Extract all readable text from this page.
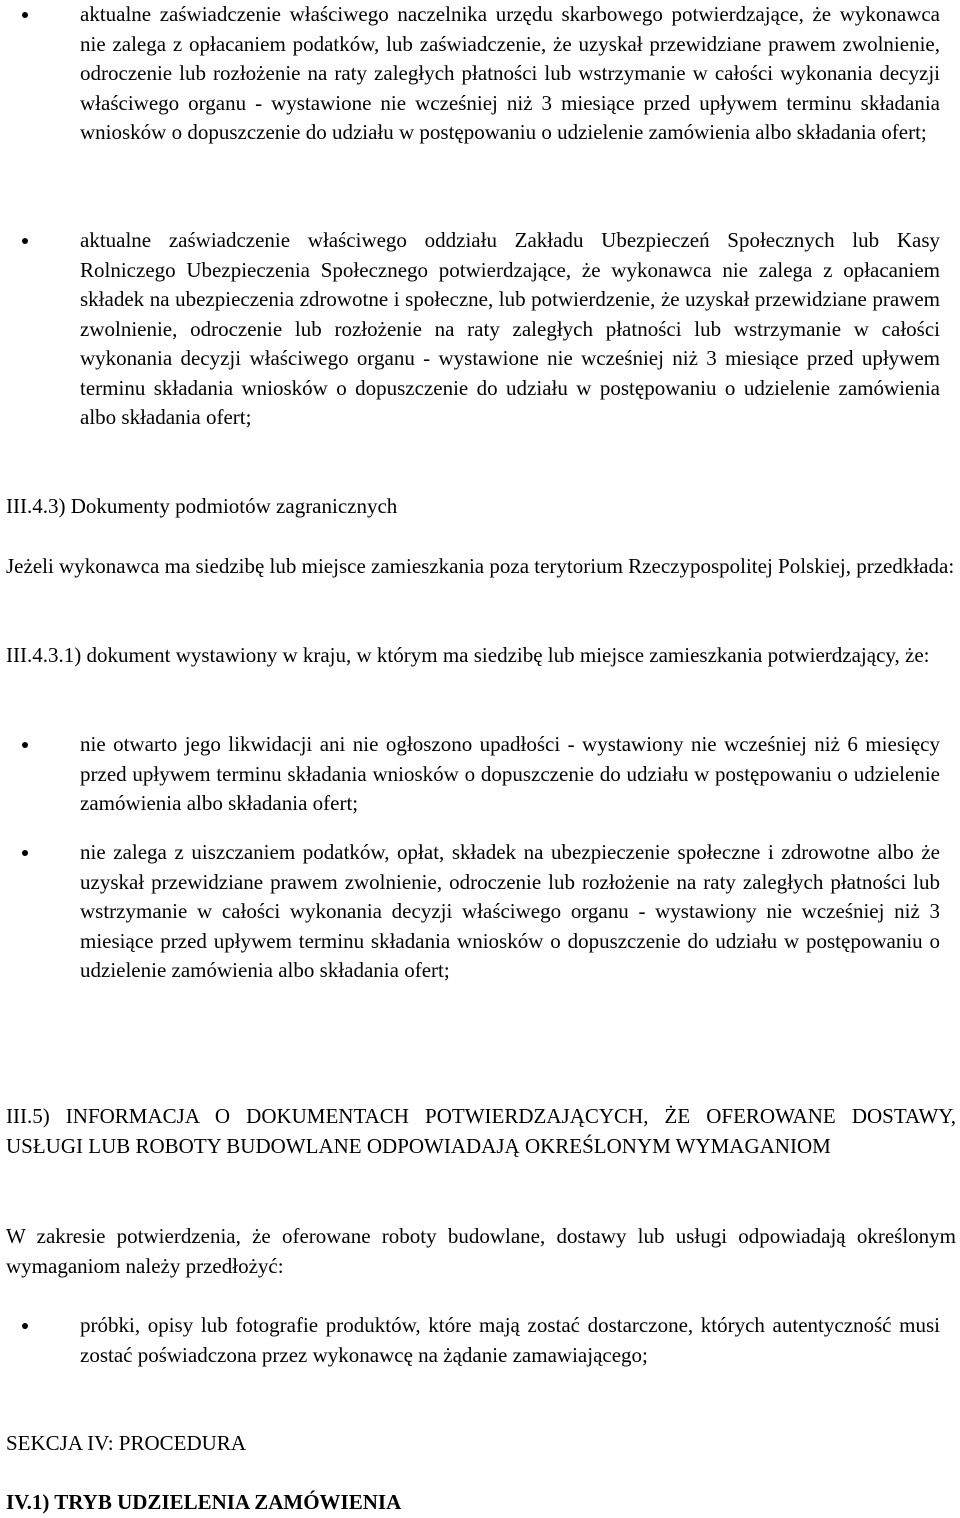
aktualne zaświadczenie właściwego naczelnika urzędu skarbowego potwierdzające, że wykonawca nie zalega z opłacaniem podatków, lub zaświadczenie, że uzyskał przewidziane prawem zwolnienie, odroczenie lub rozłożenie na raty zaległych płatności lub wstrzymanie w całości wykonania decyzji właściwego organu - wystawione nie wcześniej niż 3 miesiące przed upływem terminu składania wniosków o dopuszczenie do udziału w postępowaniu o udzielenie zamówienia albo składania ofert;
aktualne zaświadczenie właściwego oddziału Zakładu Ubezpieczeń Społecznych lub Kasy Rolniczego Ubezpieczenia Społecznego potwierdzające, że wykonawca nie zalega z opłacaniem składek na ubezpieczenia zdrowotne i społeczne, lub potwierdzenie, że uzyskał przewidziane prawem zwolnienie, odroczenie lub rozłożenie na raty zaległych płatności lub wstrzymanie w całości wykonania decyzji właściwego organu - wystawione nie wcześniej niż 3 miesiące przed upływem terminu składania wniosków o dopuszczenie do udziału w postępowaniu o udzielenie zamówienia albo składania ofert;
III.4.3) Dokumenty podmiotów zagranicznych
Jeżeli wykonawca ma siedzibę lub miejsce zamieszkania poza terytorium Rzeczypospolitej Polskiej, przedkłada:
III.4.3.1) dokument wystawiony w kraju, w którym ma siedzibę lub miejsce zamieszkania potwierdzający, że:
nie otwarto jego likwidacji ani nie ogłoszono upadłości - wystawiony nie wcześniej niż 6 miesięcy przed upływem terminu składania wniosków o dopuszczenie do udziału w postępowaniu o udzielenie zamówienia albo składania ofert;
nie zalega z uiszczaniem podatków, opłat, składek na ubezpieczenie społeczne i zdrowotne albo że uzyskał przewidziane prawem zwolnienie, odroczenie lub rozłożenie na raty zaległych płatności lub wstrzymanie w całości wykonania decyzji właściwego organu - wystawiony nie wcześniej niż 3 miesiące przed upływem terminu składania wniosków o dopuszczenie do udziału w postępowaniu o udzielenie zamówienia albo składania ofert;
III.5) INFORMACJA O DOKUMENTACH POTWIERDZAJĄCYCH, ŻE OFEROWANE DOSTAWY, USŁUGI LUB ROBOTY BUDOWLANE ODPOWIADAJĄ OKREŚLONYM WYMAGANIOM
W zakresie potwierdzenia, że oferowane roboty budowlane, dostawy lub usługi odpowiadają określonym wymaganiom należy przedłożyć:
próbki, opisy lub fotografie produktów, które mają zostać dostarczone, których autentyczność musi zostać poświadczona przez wykonawcę na żądanie zamawiającego;
SEKCJA IV: PROCEDURA
IV.1) TRYB UDZIELENIA ZAMÓWIENIA
